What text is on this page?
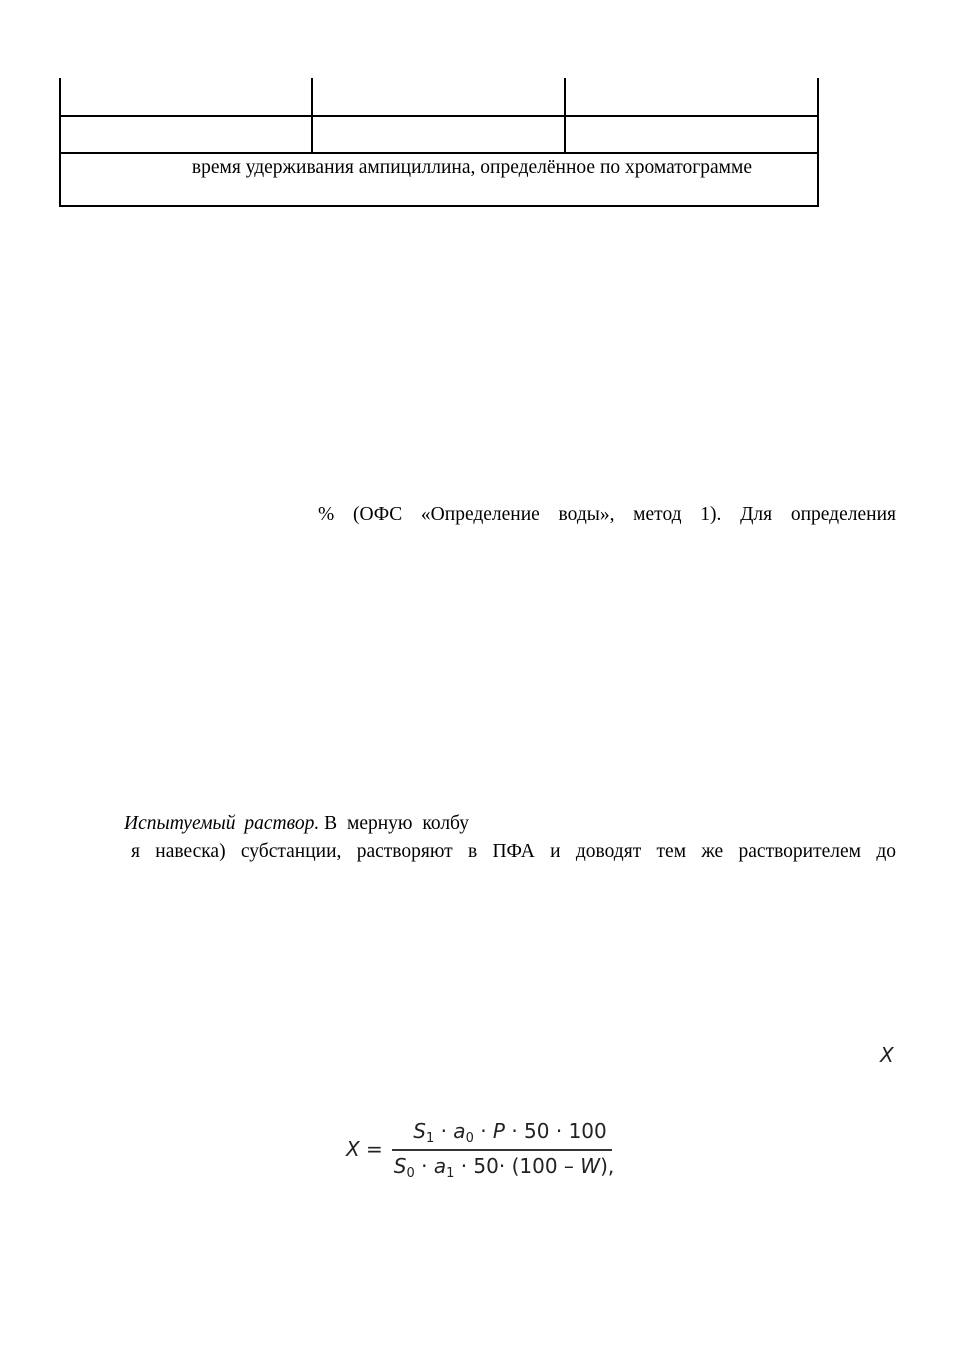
время удерживания ампициллина, определённое по хроматограмме
% (ОФС «Определение воды», метод 1). Для определения
Испытуемый раствор. В мерную колбу
я навеска) субстанции, растворяют в ПФА и доводят тем же растворителем до
X
X =
$S_1 \cdot a_0 \cdot P \cdot 50 \cdot 100$
$S_0 \cdot a_1 \cdot 50\cdot (100 - W)$,
